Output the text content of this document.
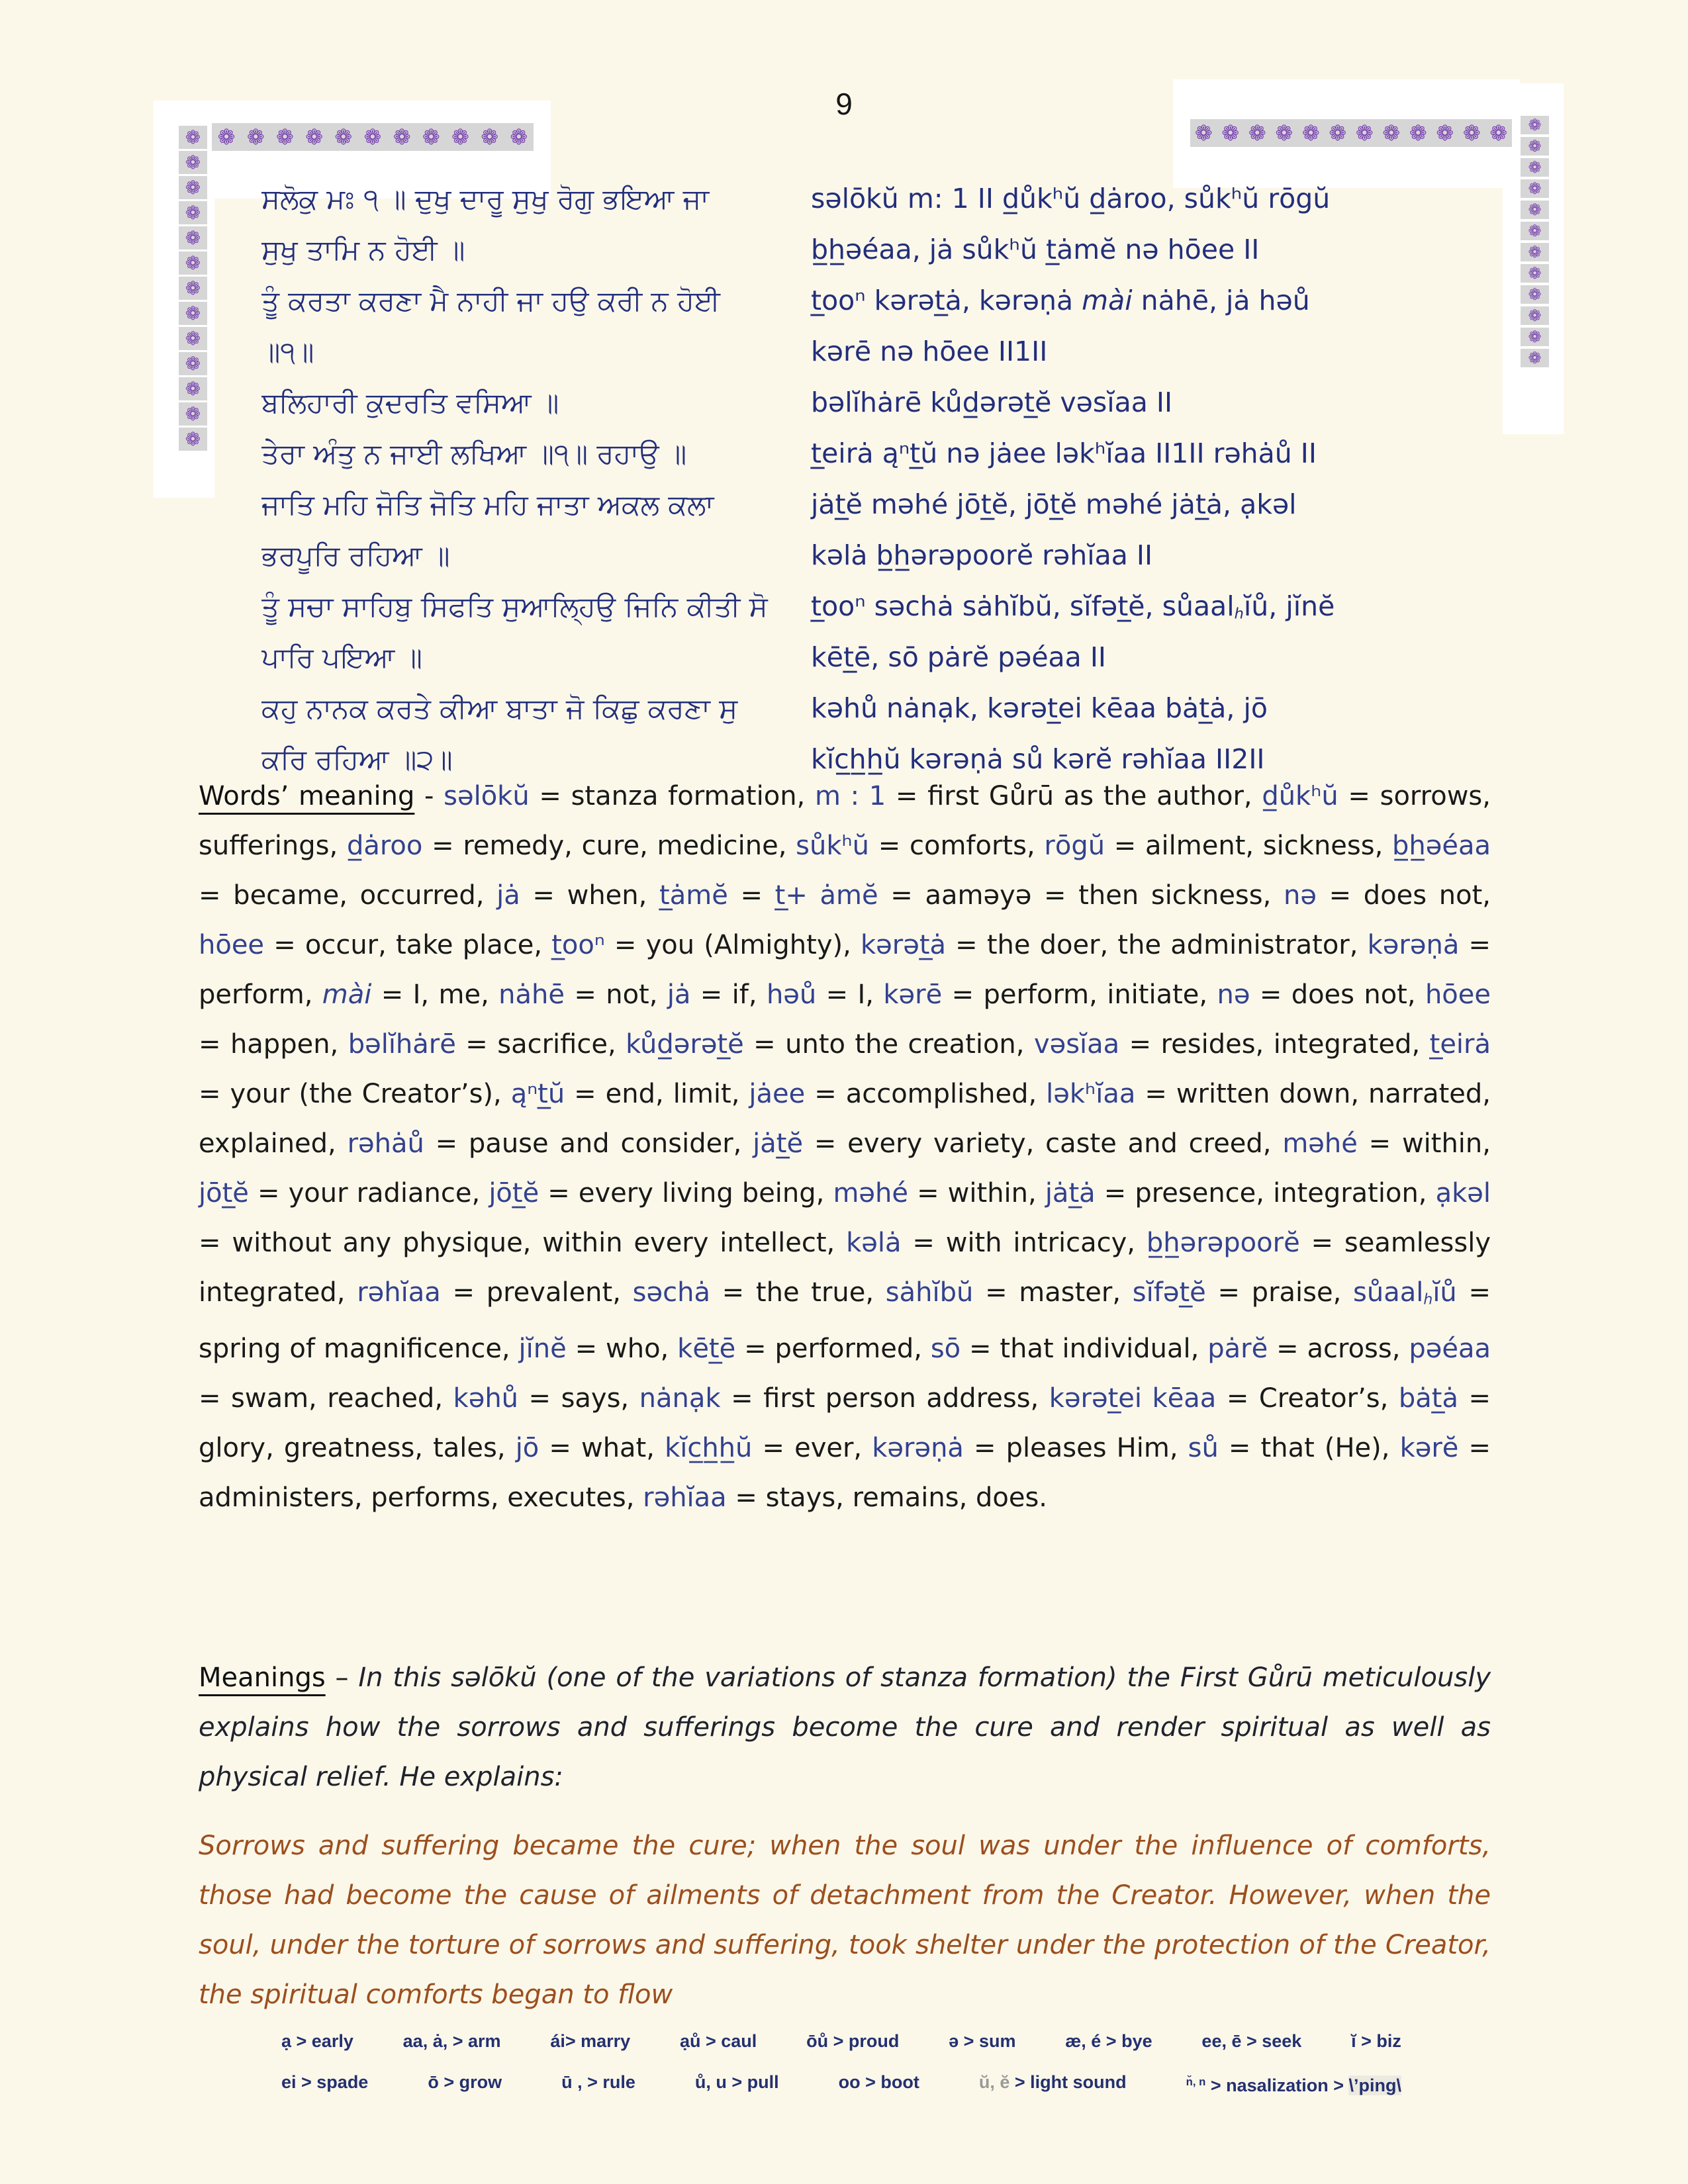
9
❁ ❁ ❁ ❁ ❁ ❁ ❁ ❁ ❁ ❁ ❁	❁ ❁ ❁ ❁ ❁ ❁ ❁ ❁ ❁ ❁ ❁ ❁
❁
❁
❁
❁
❁
❁
❁
❁
❁
❁
❁
❁
❁
❁
❁
❁
❁
❁
❁
❁
❁
❁
❁
❁
❁
ਸਲੋਕੁ ਮਃ ੧ ॥ ਦੁਖੁ ਦਾਰੂ ਸੁਖੁ ਰੋਗੁ ਭਇਆ ਜਾ	səlōkŭ m: 1 II d̲ůkʰŭ d̲ȧroo, sůkʰŭ rōgŭ
ਸੁਖੁ ਤਾਮਿ ਨ ਹੋਈ ॥	b̲h̲əéaa, jȧ sůkʰŭ t̲ȧmĕ nə hōee II
ਤੂੰ ਕਰਤਾ ਕਰਣਾ ਮੈ ਨਾਹੀ ਜਾ ਹਉ ਕਰੀ ਨ ਹੋਈ	t̲ooⁿ kərət̲ȧ, kərəṇȧ mài nȧhē, jȧ həů
॥੧॥	kərē nə hōee II1II
ਬਲਿਹਾਰੀ ਕੁਦਰਤਿ ਵਸਿਆ ॥	bəlĭhȧrē kůd̲ərət̲ĕ vəsĭaa II
ਤੇਰਾ ਅੰਤੁ ਨ ਜਾਈ ਲਖਿਆ ॥੧॥ ਰਹਾਉ ॥	t̲eirȧ ąⁿt̲ŭ nə jȧee ləkʰĭaa II1II rəhȧů II
ਜਾਤਿ ਮਹਿ ਜੋਤਿ ਜੋਤਿ ਮਹਿ ਜਾਤਾ ਅਕਲ ਕਲਾ	jȧt̲ĕ məhé jōt̲ĕ, jōt̲ĕ məhé jȧt̲ȧ, ạkəl
ਭਰਪੂਰਿ ਰਹਿਆ ॥	kəlȧ b̲h̲ərəpoorĕ rəhĭaa II
ਤੂੰ ਸਚਾ ਸਾਹਿਬੁ ਸਿਫਤਿ ਸੁਆਲ੍ਹਿਉ ਜਿਨਿ ਕੀਤੀ ਸੋ	t̲ooⁿ səchȧ sȧhĭbŭ, sĭfət̲ĕ, sůaalhĭů, jĭnĕ
ਪਾਰਿ ਪਇਆ ॥	kēt̲ē, sō pȧrĕ pəéaa II
ਕਹੁ ਨਾਨਕ ਕਰਤੇ ਕੀਆ ਬਾਤਾ ਜੋ ਕਿਛੁ ਕਰਣਾ ਸੁ	kəhů nȧnạk, kərət̲ei kēaa bȧt̲ȧ, jō
ਕਰਿ ਰਹਿਆ ॥੨॥	kĭc̲h̲h̲ŭ kərəṇȧ sů kərĕ rəhĭaa II2II
Words’ meaning - səlōkŭ = stanza formation, m : 1 = first Gůrū as the author, d̲ůkʰŭ = sorrows, sufferings, d̲ȧroo = remedy, cure, medicine, sůkʰŭ = comforts, rōgŭ = ailment, sickness, b̲h̲əéaa = became, occurred, jȧ = when, t̲ȧmĕ = t̲+ ȧmĕ = aaməyə = then sickness, nə = does not, hōee = occur, take place, t̲ooⁿ = you (Almighty), kərət̲ȧ = the doer, the administrator, kərəṇȧ = perform, mài = I, me, nȧhē = not, jȧ = if, həů = I, kərē = perform, initiate, nə = does not, hōee = happen, bəlĭhȧrē = sacrifice, kůd̲ərət̲ĕ = unto the creation, vəsĭaa = resides, integrated, t̲eirȧ = your (the Creator’s), ąⁿt̲ŭ = end, limit, jȧee = accomplished, ləkʰĭaa = written down, narrated, explained, rəhȧů = pause and consider, jȧt̲ĕ = every variety, caste and creed, məhé = within, jōt̲ĕ = your radiance, jōt̲ĕ = every living being, məhé = within, jȧt̲ȧ = presence, integration, ạkəl = without any physique, within every intellect, kəlȧ = with intricacy, b̲h̲ərəpoorĕ = seamlessly integrated, rəhĭaa = prevalent, səchȧ = the true, sȧhĭbŭ = master, sĭfət̲ĕ = praise, sůaalhĭů = spring of magnificence, jĭnĕ = who, kēt̲ē = performed, sō = that individual, pȧrĕ = across, pəéaa = swam, reached, kəhů = says, nȧnạk = first person address, kərət̲ei kēaa = Creator’s, bȧt̲ȧ = glory, greatness, tales, jō = what, kĭc̲h̲h̲ŭ = ever, kərəṇȧ = pleases Him, sů = that (He), kərĕ = administers, performs, executes, rəhĭaa = stays, remains, does.
Meanings – In this səlōkŭ (one of the variations of stanza formation) the First Gůrū meticulously explains how the sorrows and sufferings become the cure and render spiritual as well as physical relief. He explains:
Sorrows and suffering became the cure; when the soul was under the influence of comforts, those had become the cause of ailments of detachment from the Creator. However, when the soul, under the torture of sorrows and suffering, took shelter under the protection of the Creator, the spiritual comforts began to flow
ạ > early	aa, ȧ, > arm	ái> marry	ạů > caul	ōů > proud	ə > sum	æ, é > bye	ee, ē > seek	ĭ > biz
ei > spade	ō > grow	ū , > rule	ů, u > pull	oo > boot	ŭ, ĕ > light sound	$^{n̆, n}$ > nasalization > \ʼping\
